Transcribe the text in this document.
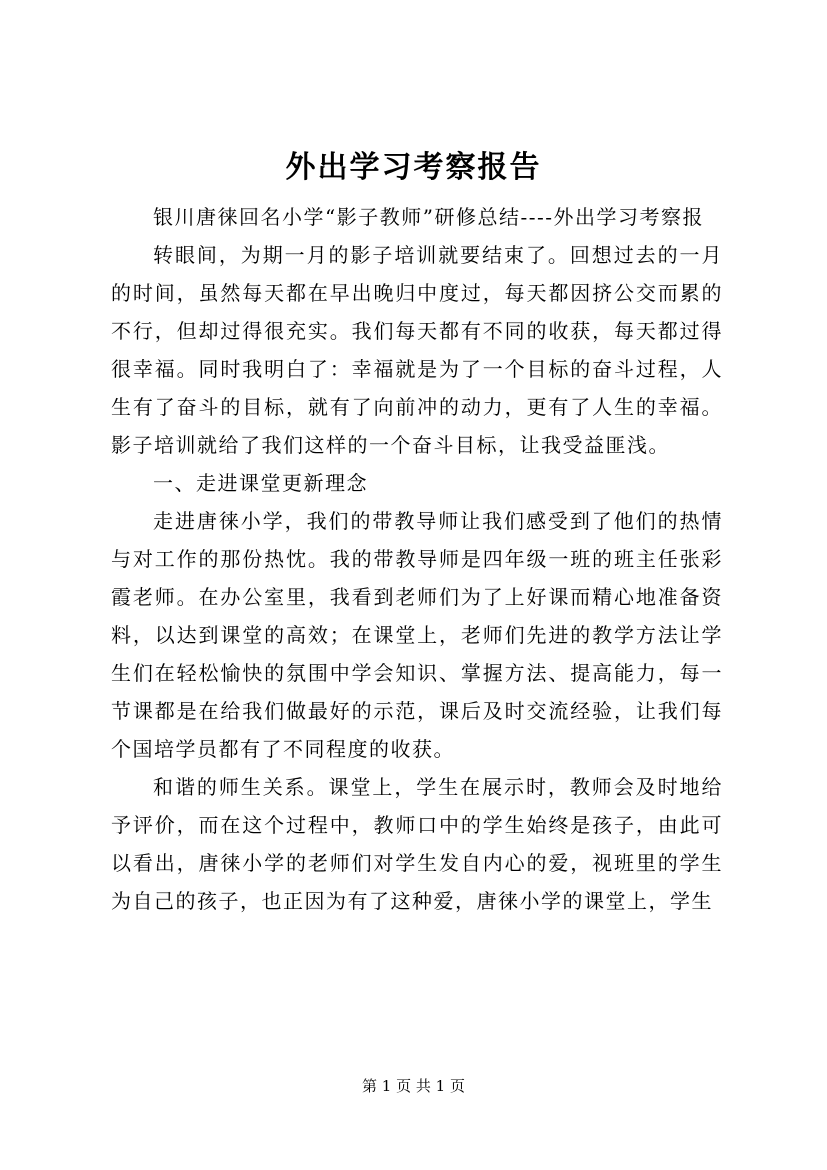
外出学习考察报告

银川唐徕回名小学“影子教师”研修总结----外出学习考察报

转眼间，为期一月的影子培训就要结束了。回想过去的一月的时间，虽然每天都在早出晚归中度过，每天都因挤公交而累的不行，但却过得很充实。我们每天都有不同的收获，每天都过得很幸福。同时我明白了：幸福就是为了一个目标的奋斗过程，人生有了奋斗的目标，就有了向前冲的动力，更有了人生的幸福。影子培训就给了我们这样的一个奋斗目标，让我受益匪浅。

一、走进课堂更新理念

走进唐徕小学，我们的带教导师让我们感受到了他们的热情与对工作的那份热忱。我的带教导师是四年级一班的班主任张彩霞老师。在办公室里，我看到老师们为了上好课而精心地准备资料，以达到课堂的高效；在课堂上，老师们先进的教学方法让学生们在轻松愉快的氛围中学会知识、掌握方法、提高能力，每一节课都是在给我们做最好的示范，课后及时交流经验，让我们每个国培学员都有了不同程度的收获。

和谐的师生关系。课堂上，学生在展示时，教师会及时地给予评价，而在这个过程中，教师口中的学生始终是孩子，由此可以看出，唐徕小学的老师们对学生发自内心的爱，视班里的学生为自己的孩子，也正因为有了这种爱，唐徕小学的课堂上，学生

第 1 页 共 1 页
